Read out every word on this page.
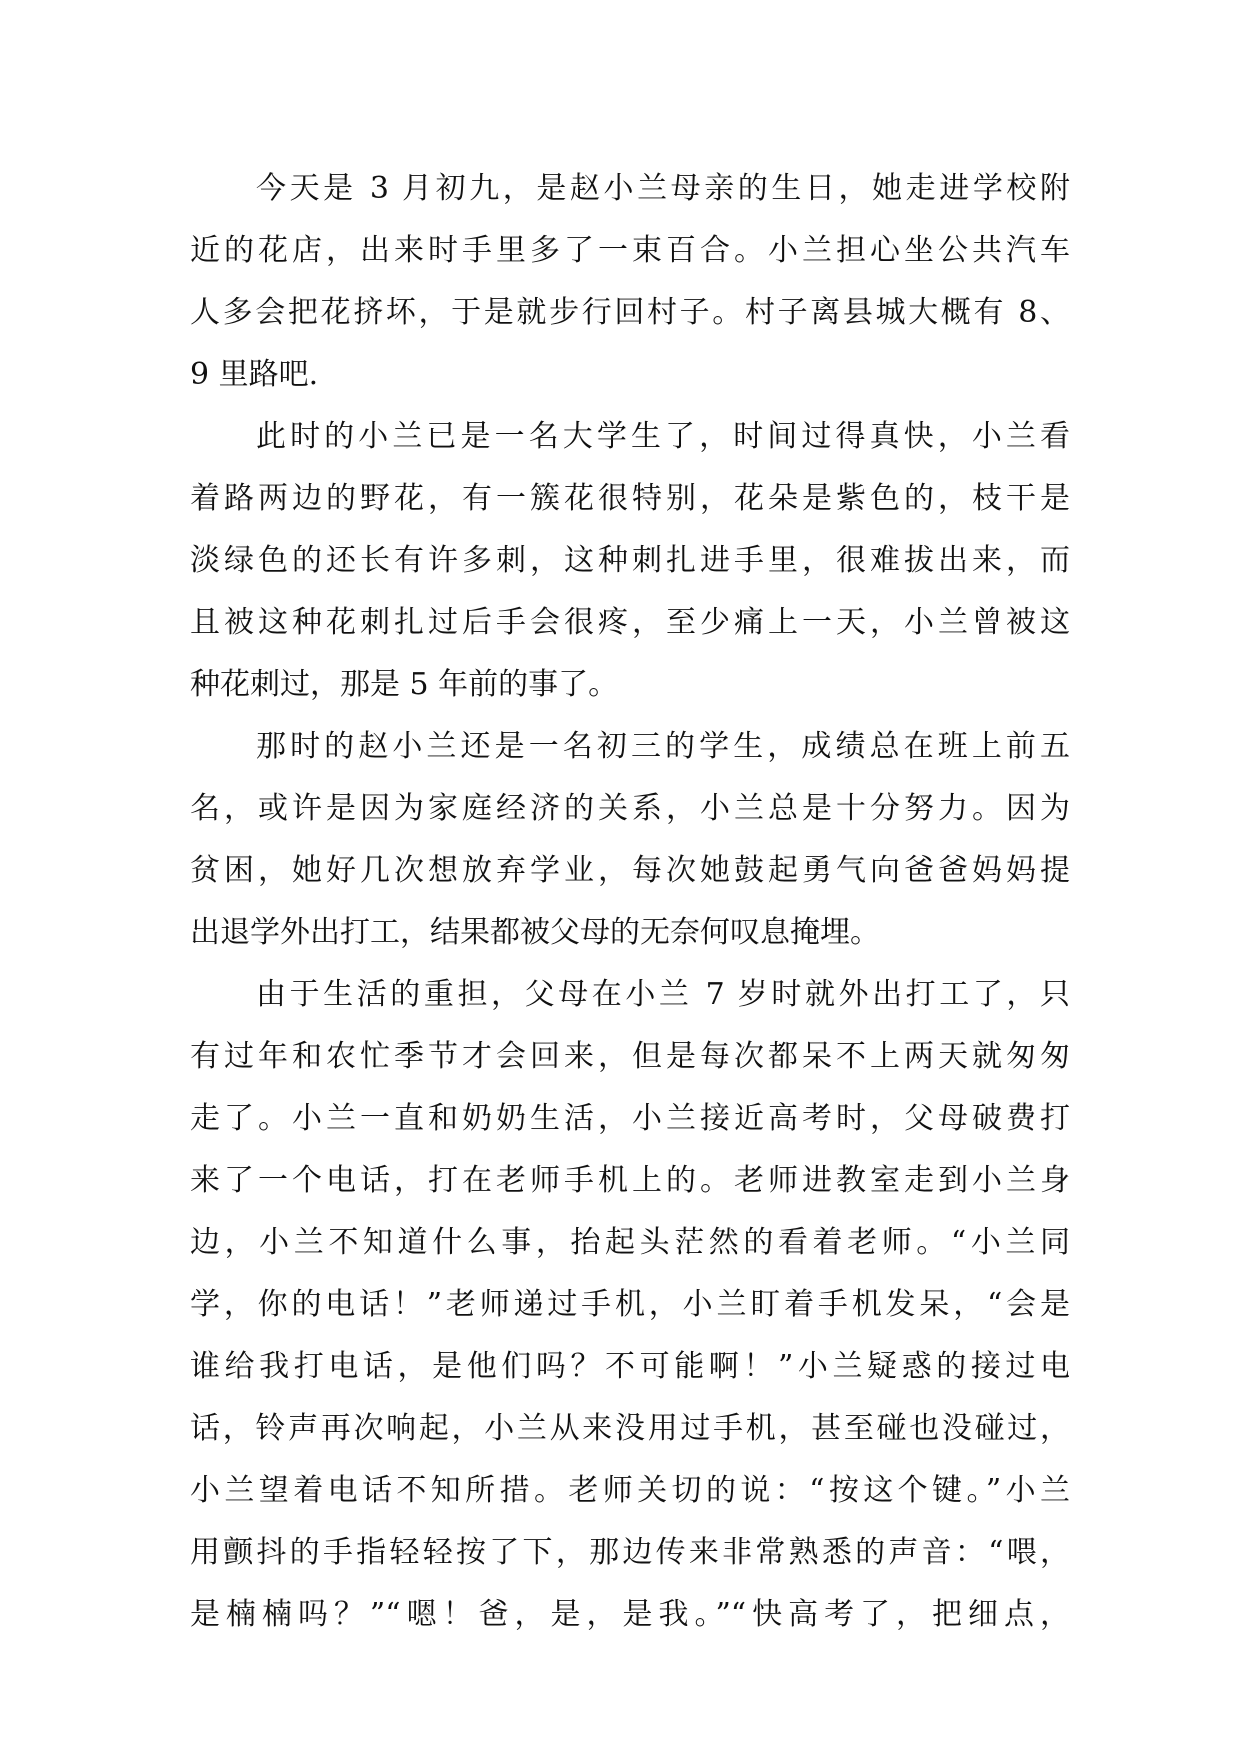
今天是 3 月初九，是赵小兰母亲的生日，她走进学校附
近的花店，出来时手里多了一束百合。小兰担心坐公共汽车
人多会把花挤坏，于是就步行回村子。村子离县城大概有 8、
9 里路吧.
此时的小兰已是一名大学生了，时间过得真快，小兰看
着路两边的野花，有一簇花很特别，花朵是紫色的，枝干是
淡绿色的还长有许多刺，这种刺扎进手里，很难拔出来，而
且被这种花刺扎过后手会很疼，至少痛上一天，小兰曾被这
种花刺过，那是 5 年前的事了。
那时的赵小兰还是一名初三的学生，成绩总在班上前五
名，或许是因为家庭经济的关系，小兰总是十分努力。因为
贫困，她好几次想放弃学业，每次她鼓起勇气向爸爸妈妈提
出退学外出打工，结果都被父母的无奈何叹息掩埋。
由于生活的重担，父母在小兰 7 岁时就外出打工了，只
有过年和农忙季节才会回来，但是每次都呆不上两天就匆匆
走了。小兰一直和奶奶生活，小兰接近高考时，父母破费打
来了一个电话，打在老师手机上的。老师进教室走到小兰身
边，小兰不知道什么事，抬起头茫然的看着老师。“小兰同
学，你的电话！”老师递过手机，小兰盯着手机发呆，“会是
谁给我打电话，是他们吗？不可能啊！”小兰疑惑的接过电
话，铃声再次响起，小兰从来没用过手机，甚至碰也没碰过，
小兰望着电话不知所措。老师关切的说：“按这个键。”小兰
用颤抖的手指轻轻按了下，那边传来非常熟悉的声音：“喂，
是楠楠吗？”“嗯！爸，是，是我。”“快高考了，把细点，
